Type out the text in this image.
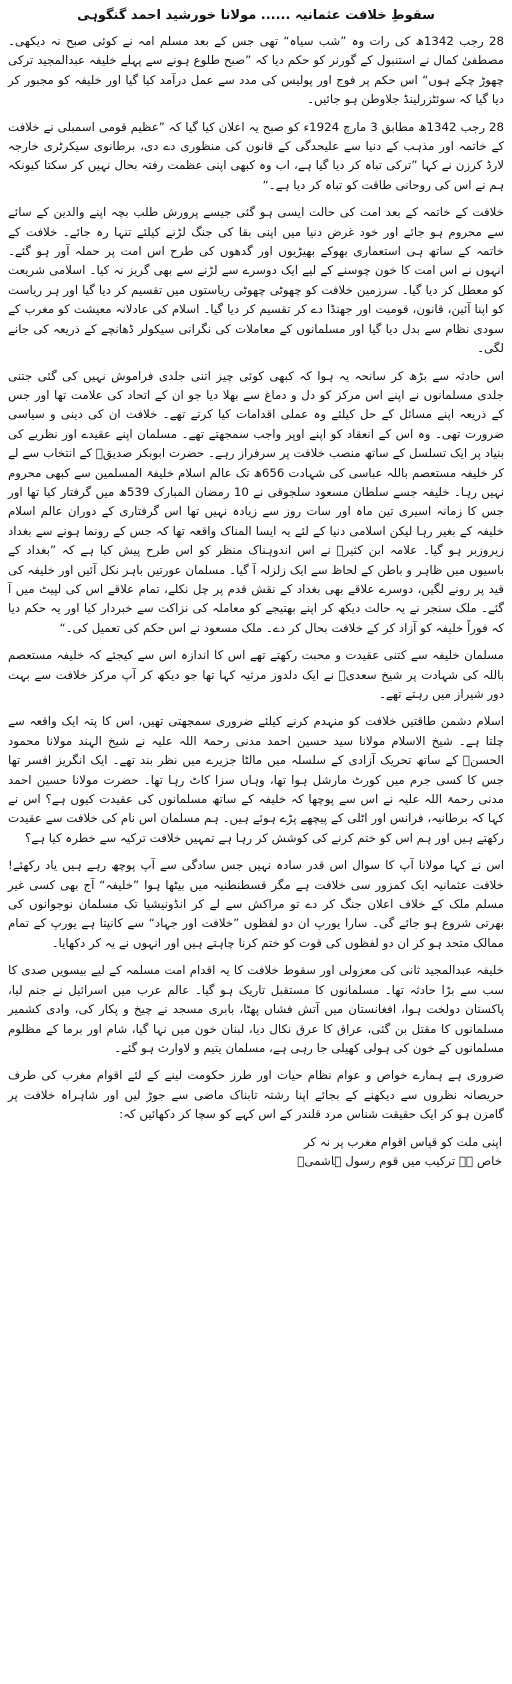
سقوطِ خلافت عثمانیہ ...... مولانا خورشید احمد گنگوہی

28 رجب 1342ھ کی رات وہ ”شب سیاہ“ تھی جس کے بعد مسلم امہ نے کوئی صبح نہ دیکھی۔ مصطفیٰ کمال نے استنبول کے گورنر کو حکم دیا کہ ”صبح طلوع ہونے سے پہلے خلیفہ عبدالمجید ترکی چھوڑ چکے ہوں“ اس حکم پر فوج اور پولیس کی مدد سے عمل درآمد کیا گیا اور خلیفہ کو مجبور کر دیا گیا کہ سوئٹزرلینڈ جلاوطن ہو جائیں۔

28 رجب 1342ھ مطابق 3 مارچ 1924ء کو صبح یہ اعلان کیا گیا کہ ”عظیم قومی اسمبلی نے خلافت کے خاتمہ اور مذہب کے دنیا سے علیحدگی کے قانون کی منظوری دے دی، برطانوی سیکرٹری خارجہ لارڈ کرزن نے کہا ”ترکی تباہ کر دیا گیا ہے، اب وہ کبھی اپنی عظمت رفتہ بحال نہیں کر سکتا کیونکہ ہم نے اس کی روحانی طاقت کو تباہ کر دیا ہے۔“

خلافت کے خاتمہ کے بعد امت کی حالت ایسی ہو گئی جیسے پرورش طلب بچہ اپنے والدین کے سائے سے محروم ہو جائے اور خود غرض دنیا میں اپنی بقا کی جنگ لڑنے کیلئے تنہا رہ جائے۔ خلافت کے خاتمہ کے ساتھ ہی استعماری بھوکے بھیڑیوں اور گدھوں کی طرح اس امت پر حملہ آور ہو گئے۔ انہوں نے اس امت کا خون چوسنے کے لیے ایک دوسرے سے لڑنے سے بھی گریز نہ کیا۔ اسلامی شریعت کو معطل کر دیا گیا۔ سرزمین خلافت کو چھوٹی چھوٹی ریاستوں میں تقسیم کر دیا گیا اور ہر ریاست کو اپنا آئین، قانون، قومیت اور جھنڈا دے کر تقسیم کر دیا گیا۔ اسلام کی عادلانہ معیشت کو مغرب کے سودی نظام سے بدل دیا گیا اور مسلمانوں کے معاملات کی نگرانی سیکولر ڈھانچے کے ذریعہ کی جانے لگی۔

اس حادثہ سے بڑھ کر سانحہ یہ ہوا کہ کبھی کوئی چیز اتنی جلدی فراموش نہیں کی گئی جتنی جلدی مسلمانوں نے اپنے اس مرکز کو دل و دماغ سے بھلا دیا جو ان کے اتحاد کی علامت تھا اور جس کے ذریعہ اپنے مسائل کے حل کیلئے وہ عملی اقدامات کیا کرتے تھے۔ خلافت ان کی دینی و سیاسی ضرورت تھی۔ وہ اس کے انعقاد کو اپنے اوپر واجب سمجھتے تھے۔ مسلمان اپنے عقیدے اور نظریے کی بنیاد پر ایک تسلسل کے ساتھ منصب خلافت پر سرفراز رہے۔ حضرت ابوبکر صدیقؓ کے انتخاب سے لے کر خلیفہ مستعصم باللہ عباسی کی شہادت 656ھ تک عالم اسلام خلیفۃ المسلمین سے کبھی محروم نہیں رہا۔ خلیفہ جسے سلطان مسعود سلجوقی نے 10 رمضان المبارک 539ھ میں گرفتار کیا تھا اور جس کا زمانہ اسیری تین ماہ اور سات روز سے زیادہ نہیں تھا اس گرفتاری کے دوران عالم اسلام خلیفہ کے بغیر رہا لیکن اسلامی دنیا کے لئے یہ ایسا المناک واقعہ تھا کہ جس کے رونما ہونے سے بغداد زیروزبر ہو گیا۔ علامہ ابن کثیرؒ نے اس اندوہناک منظر کو اس طرح پیش کیا ہے کہ ”بغداد کے باسیوں میں ظاہر و باطن کے لحاظ سے ایک زلزلہ آ گیا۔ مسلمان عورتیں باہر نکل آئیں اور خلیفہ کی قید پر رونے لگیں، دوسرے علاقے بھی بغداد کے نقش قدم پر چل نکلے، تمام علاقے اس کی لپیٹ میں آ گئے۔ ملک سنجر نے یہ حالت دیکھ کر اپنے بھتیجے کو معاملہ کی نزاکت سے خبردار کیا اور یہ حکم دیا کہ فوراً خلیفہ کو آزاد کر کے خلافت بحال کر دے۔ ملک مسعود نے اس حکم کی تعمیل کی۔“

مسلمان خلیفہ سے کتنی عقیدت و محبت رکھتے تھے اس کا اندازہ اس سے کیجئے کہ خلیفہ مستعصم باللہ کی شہادت پر شیخ سعدیؒ نے ایک دلدوز مرثیہ کہا تھا جو دیکھ کر آپ مرکز خلافت سے بہت دور شیراز میں رہتے تھے۔

اسلام دشمن طاقتیں خلافت کو منہدم کرنے کیلئے ضروری سمجھتی تھیں، اس کا پتہ ایک واقعہ سے چلتا ہے۔ شیخ الاسلام مولانا سید حسین احمد مدنی رحمۃ اللہ علیہ نے شیخ الہند مولانا محمود الحسنؒ کے ساتھ تحریک آزادی کے سلسلہ میں مالٹا جزیرے میں نظر بند تھے۔ ایک انگریز افسر تھا جس کا کسی جرم میں کورٹ مارشل ہوا تھا، وہاں سزا کاٹ رہا تھا۔ حضرت مولانا حسین احمد مدنی رحمۃ اللہ علیہ نے اس سے پوچھا کہ خلیفہ کے ساتھ مسلمانوں کی عقیدت کیوں ہے؟ اس نے کہا کہ برطانیہ، فرانس اور اٹلی کے پیچھے پڑے ہوئے ہیں۔ ہم مسلمان اس نام کی خلافت سے عقیدت رکھتے ہیں اور ہم اس کو ختم کرنے کی کوشش کر رہا ہے تمہیں خلافت ترکیہ سے خطرہ کیا ہے؟

اس نے کہا مولانا آپ کا سوال اس قدر سادہ نہیں جس سادگی سے آپ پوچھ رہے ہیں یاد رکھئے! خلافت عثمانیہ ایک کمزور سی خلافت ہے مگر قسطنطنیہ میں بیٹھا ہوا ”خلیفہ“ آج بھی کسی غیر مسلم ملک کے خلاف اعلان جنگ کر دے تو مراکش سے لے کر انڈونیشیا تک مسلمان نوجوانوں کی بھرتی شروع ہو جائے گی۔ سارا یورپ ان دو لفظوں ”خلافت اور جہاد“ سے کانپتا ہے یورپ کے تمام ممالک متحد ہو کر ان دو لفظوں کی قوت کو ختم کرنا چاہتے ہیں اور انہوں نے یہ کر دکھایا۔

خلیفہ عبدالمجید ثانی کی معزولی اور سقوط خلافت کا یہ اقدام امت مسلمہ کے لیے بیسویں صدی کا سب سے بڑا حادثہ تھا۔ مسلمانوں کا مستقبل تاریک ہو گیا۔ عالم عرب میں اسرائیل نے جنم لیا، پاکستان دولخت ہوا، افغانستان میں آتش فشاں پھٹا، بابری مسجد نے چیخ و پکار کی، وادی کشمیر مسلمانوں کا مقتل بن گئی، عراق کا عرق نکال دیا، لبنان خون میں نہا گیا، شام اور برما کے مظلوم مسلمانوں کے خون کی ہولی کھیلی جا رہی ہے، مسلمان یتیم و لاوارث ہو گئے۔

ضروری ہے ہمارے خواص و عوام نظام حیات اور طرز حکومت لینے کے لئے اقوام مغرب کی طرف حریصانہ نظروں سے دیکھنے کے بجائے اپنا رشتہ تابناک ماضی سے جوڑ لیں اور شاہراہ خلافت پر گامزن ہو کر ایک حقیقت شناس مرد قلندر کے اس کہے کو سچا کر دکھائیں کہ:

اپنی ملت کو قیاس اقوام مغرب پر نہ کر
خاص ہے ترکیب میں قوم رسول ہاشمیؐ
